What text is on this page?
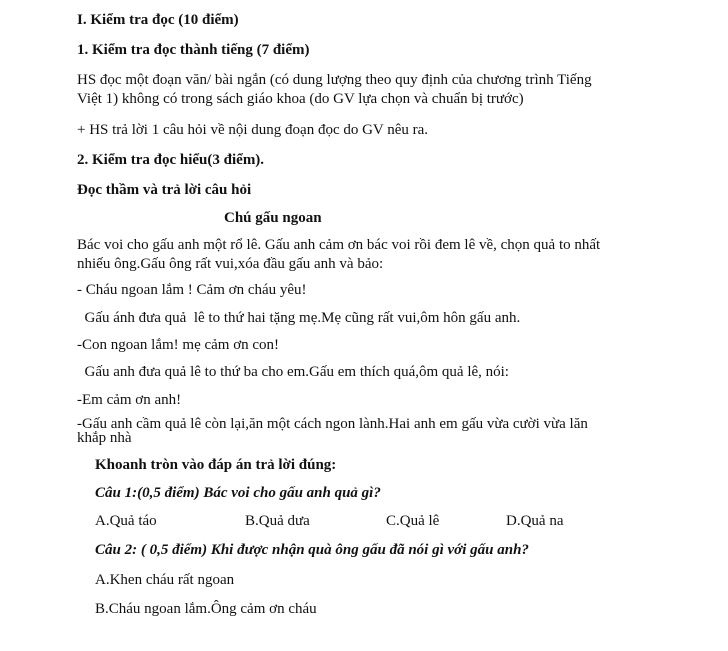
I. Kiểm tra đọc (10 điểm)
1. Kiểm tra đọc thành tiếng (7 điểm)
HS đọc một đoạn văn/ bài ngắn (có dung lượng theo quy định của chương trình Tiếng
Việt 1) không có trong sách giáo khoa (do GV lựa chọn và chuẩn bị trước)
+ HS trả lời 1 câu hỏi về nội dung đoạn đọc do GV nêu ra.
2. Kiểm tra đọc hiểu(3 điểm).
Đọc thầm và trả lời câu hỏi
Chú gấu ngoan
Bác voi cho gấu anh một rổ lê. Gấu anh cảm ơn bác voi rồi đem lê về, chọn quả to nhất
nhiếu ông.Gấu ông rất vui,xóa đầu gấu anh và bảo:
- Cháu ngoan lắm ! Cảm ơn cháu yêu!
Gấu ánh đưa quả  lê to thứ hai tặng mẹ.Mẹ cũng rất vui,ôm hôn gấu anh.
-Con ngoan lắm! mẹ cảm ơn con!
Gấu anh đưa quả lê to thứ ba cho em.Gấu em thích quá,ôm quả lê, nói:
-Em cảm ơn anh!
-Gấu anh cầm quả lê còn lại,ăn một cách ngon lành.Hai anh em gấu vừa cười vừa lăn
khắp nhà
Khoanh tròn vào đáp án trả lời đúng:
Câu 1:(0,5 điểm) Bác voi cho gấu anh quả gì?
A.Quả táo	B.Quả dưa	C.Quả lê	D.Quả na
Câu 2: ( 0,5 điểm) Khi được nhận quà ông gấu đã nói gì với gấu anh?
A.Khen cháu rất ngoan
B.Cháu ngoan lắm.Ông cảm ơn cháu
